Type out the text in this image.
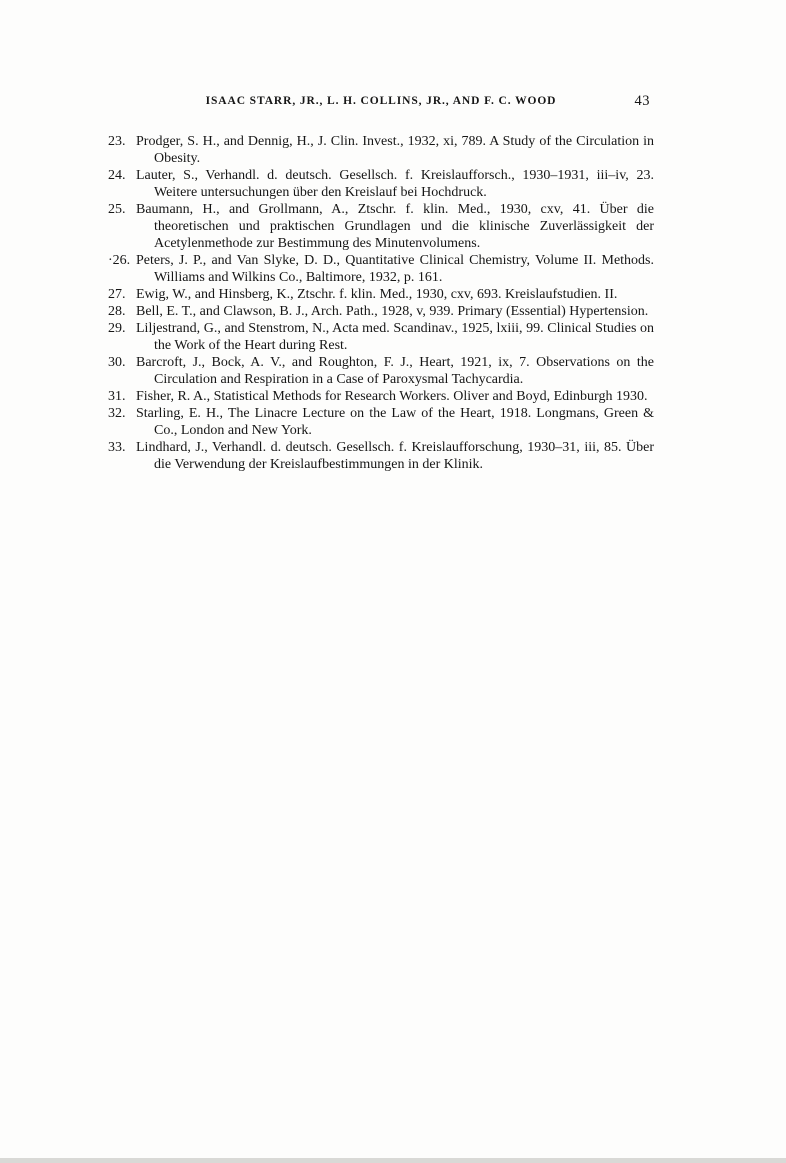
ISAAC STARR, JR., L. H. COLLINS, JR., AND F. C. WOOD	43
23. Prodger, S. H., and Dennig, H., J. Clin. Invest., 1932, xi, 789. A Study of the Circulation in Obesity.
24. Lauter, S., Verhandl. d. deutsch. Gesellsch. f. Kreislaufforsch., 1930–1931, iii–iv, 23. Weitere untersuchungen über den Kreislauf bei Hochdruck.
25. Baumann, H., and Grollmann, A., Ztschr. f. klin. Med., 1930, cxv, 41. Über die theoretischen und praktischen Grundlagen und die klinische Zuverlässigkeit der Acetylenmethode zur Bestimmung des Minutenvolumens.
·26. Peters, J. P., and Van Slyke, D. D., Quantitative Clinical Chemistry, Volume II. Methods. Williams and Wilkins Co., Baltimore, 1932, p. 161.
27. Ewig, W., and Hinsberg, K., Ztschr. f. klin. Med., 1930, cxv, 693. Kreislaufstudien. II.
28. Bell, E. T., and Clawson, B. J., Arch. Path., 1928, v, 939. Primary (Essential) Hypertension.
29. Liljestrand, G., and Stenstrom, N., Acta med. Scandinav., 1925, lxiii, 99. Clinical Studies on the Work of the Heart during Rest.
30. Barcroft, J., Bock, A. V., and Roughton, F. J., Heart, 1921, ix, 7. Observations on the Circulation and Respiration in a Case of Paroxysmal Tachycardia.
31. Fisher, R. A., Statistical Methods for Research Workers. Oliver and Boyd, Edinburgh 1930.
32. Starling, E. H., The Linacre Lecture on the Law of the Heart, 1918. Longmans, Green & Co., London and New York.
33. Lindhard, J., Verhandl. d. deutsch. Gesellsch. f. Kreislaufforschung, 1930–31, iii, 85. Über die Verwendung der Kreislaufbestimmungen in der Klinik.
